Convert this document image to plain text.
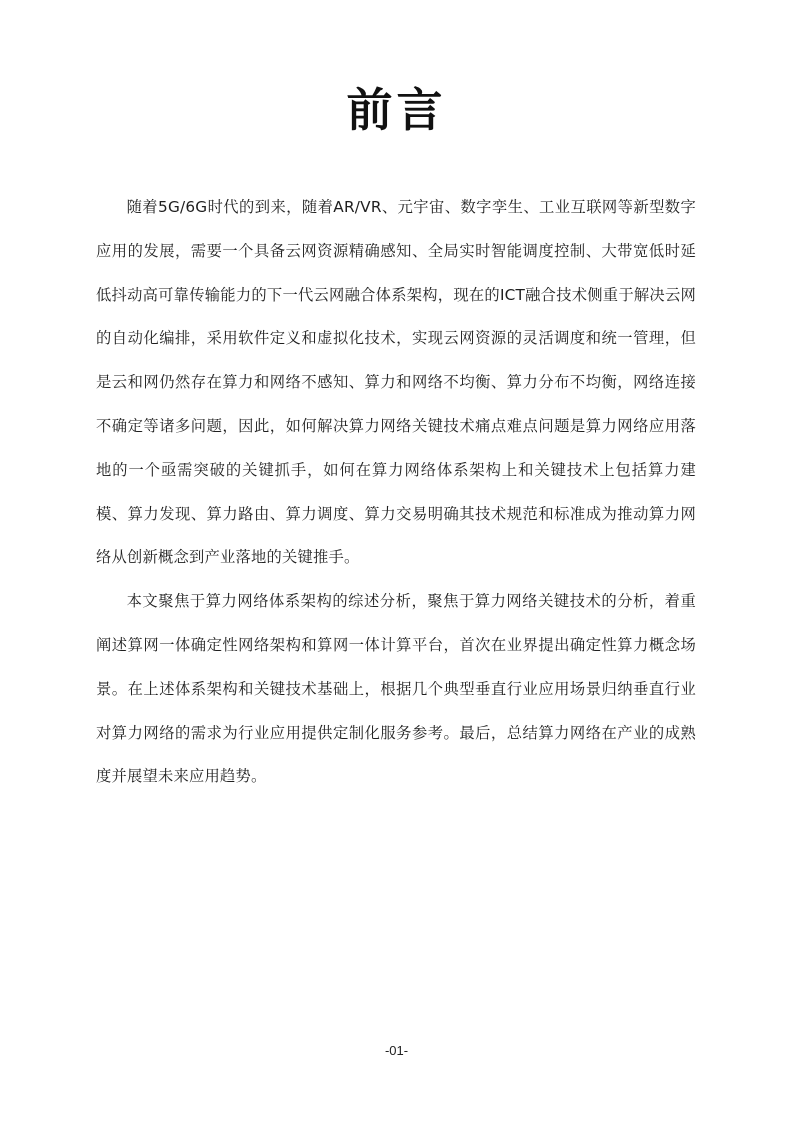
前言

随着5G/6G时代的到来，随着AR/VR、元宇宙、数字孪生、工业互联网等新型数字应用的发展，需要一个具备云网资源精确感知、全局实时智能调度控制、大带宽低时延低抖动高可靠传输能力的下一代云网融合体系架构，现在的ICT融合技术侧重于解决云网的自动化编排，采用软件定义和虚拟化技术，实现云网资源的灵活调度和统一管理，但是云和网仍然存在算力和网络不感知、算力和网络不均衡、算力分布不均衡，网络连接不确定等诸多问题，因此，如何解决算力网络关键技术痛点难点问题是算力网络应用落地的一个亟需突破的关键抓手，如何在算力网络体系架构上和关键技术上包括算力建模、算力发现、算力路由、算力调度、算力交易明确其技术规范和标准成为推动算力网络从创新概念到产业落地的关键推手。

本文聚焦于算力网络体系架构的综述分析，聚焦于算力网络关键技术的分析，着重阐述算网一体确定性网络架构和算网一体计算平台，首次在业界提出确定性算力概念场景。在上述体系架构和关键技术基础上，根据几个典型垂直行业应用场景归纳垂直行业对算力网络的需求为行业应用提供定制化服务参考。最后，总结算力网络在产业的成熟度并展望未来应用趋势。

-01-
